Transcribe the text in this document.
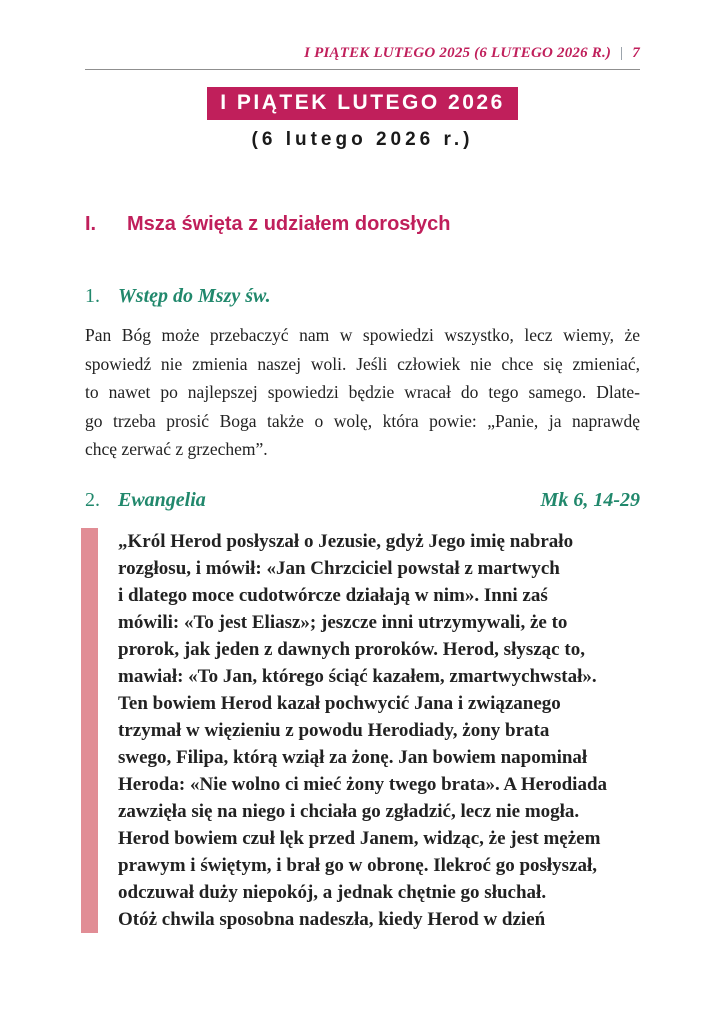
I PIĄTEK LUTEGO 2025 (6 LUTEGO 2026 R.) | 7
I PIĄTEK LUTEGO 2026
(6 lutego 2026 r.)
I.	Msza święta z udziałem dorosłych
1. Wstęp do Mszy św.
Pan Bóg może przebaczyć nam w spowiedzi wszystko, lecz wiemy, że
spowiedź nie zmienia naszej woli. Jeśli człowiek nie chce się zmieniać,
to nawet po najlepszej spowiedzi będzie wracał do tego samego. Dlate-
go trzeba prosić Boga także o wolę, która powie: „Panie, ja naprawdę
chcę zerwać z grzechem”.
2. Ewangelia	Mk 6, 14-29
„Król Herod posłyszał o Jezusie, gdyż Jego imię nabrało
rozgłosu, i mówił: «Jan Chrzciciel powstał z martwych
i dlatego moce cudotwórcze działają w nim». Inni zaś
mówili: «To jest Eliasz»; jeszcze inni utrzymywali, że to
prorok, jak jeden z dawnych proroków. Herod, słysząc to,
mawiał: «To Jan, którego ściąć kazałem, zmartwychwstał».
Ten bowiem Herod kazał pochwycić Jana i związanego
trzymał w więzieniu z powodu Herodiady, żony brata
swego, Filipa, którą wziął za żonę. Jan bowiem napominał
Heroda: «Nie wolno ci mieć żony twego brata». A Herodiada
zawzięła się na niego i chciała go zgładzić, lecz nie mogła.
Herod bowiem czuł lęk przed Janem, widząc, że jest mężem
prawym i świętym, i brał go w obronę. Ilekroć go posłyszał,
odczuwał duży niepokój, a jednak chętnie go słuchał.
Otóż chwila sposobna nadeszła, kiedy Herod w dzień
